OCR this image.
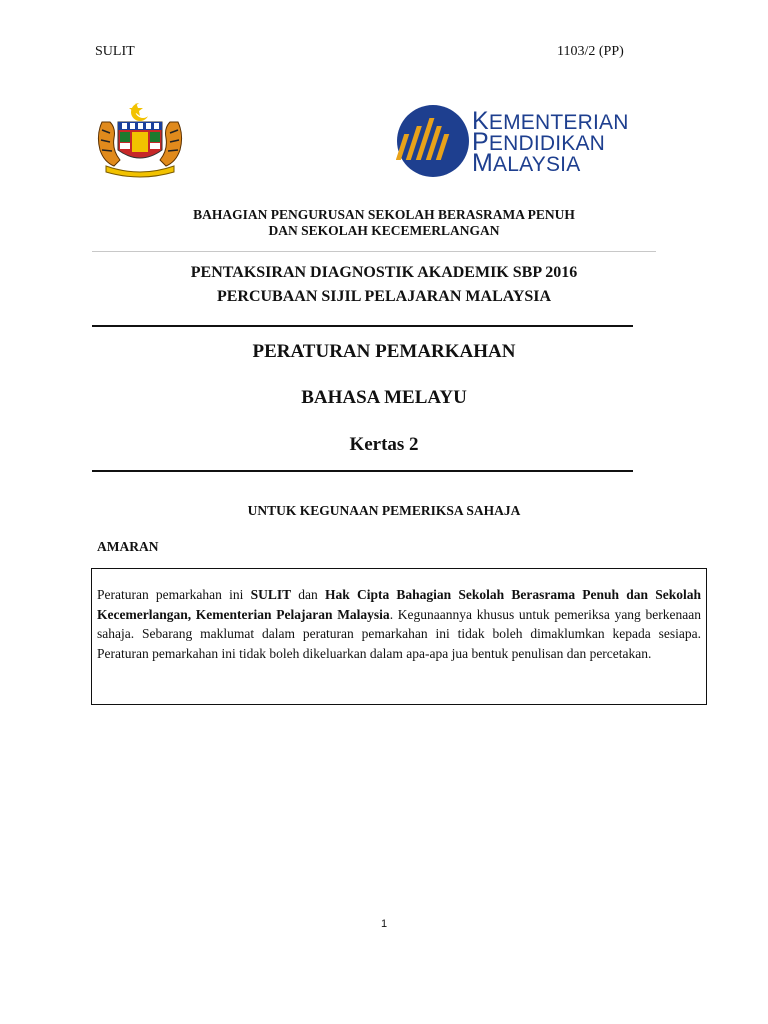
SULIT	1103/2 (PP)
KEMENTERIAN
PENDIDIKAN
MALAYSIA
BAHAGIAN PENGURUSAN SEKOLAH BERASRAMA PENUH
DAN SEKOLAH KECEMERLANGAN
PENTAKSIRAN DIAGNOSTIK AKADEMIK SBP 2016
PERCUBAAN SIJIL PELAJARAN MALAYSIA
PERATURAN PEMARKAHAN
BAHASA MELAYU
Kertas 2
UNTUK KEGUNAAN PEMERIKSA SAHAJA
AMARAN
Peraturan pemarkahan ini SULIT dan Hak Cipta Bahagian Sekolah Berasrama Penuh dan Sekolah Kecemerlangan, Kementerian Pelajaran Malaysia. Kegunaannya khusus untuk pemeriksa yang berkenaan sahaja. Sebarang maklumat dalam peraturan pemarkahan ini tidak boleh dimaklumkan kepada sesiapa. Peraturan pemarkahan ini tidak boleh dikeluarkan dalam apa-apa jua bentuk penulisan dan percetakan.
1
